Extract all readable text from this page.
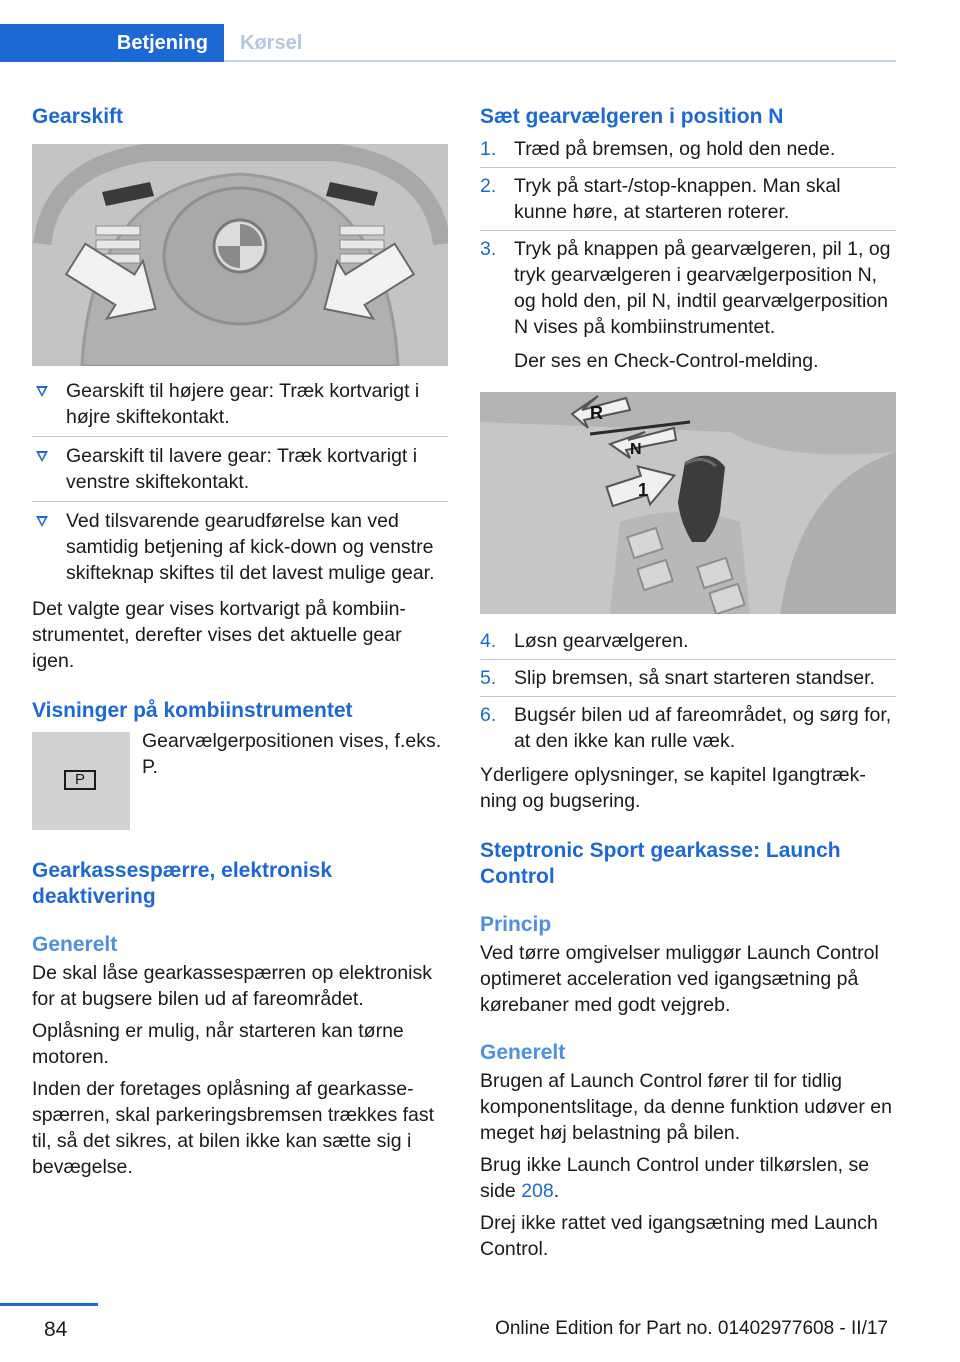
Betjening	Kørsel
Gearskift
Gearskift til højere gear: Træk kortvarigt i højre skiftekontakt.
Gearskift til lavere gear: Træk kortvarigt i venstre skiftekontakt.
Ved tilsvarende gearudførelse kan ved samtidig betjening af kick-down og venstre skifteknap skiftes til det lavest mulige gear.

Det valgte gear vises kortvarigt på kombiinstrumentet, derefter vises det aktuelle gear igen.

Visninger på kombiinstrumentet
P

Gearvælgerpositionen vises, f.eks. P.

Gearkassespærre, elektronisk deaktivering
Generelt

De skal låse gearkassespærren op elektronisk for at bugsere bilen ud af fareområdet.

Oplåsning er mulig, når starteren kan tørne motoren.

Inden der foretages oplåsning af gearkassespærren, skal parkeringsbremsen trækkes fast til, så det sikres, at bilen ikke kan sætte sig i bevægelse.

Sæt gearvælgeren i position N
1. Træd på bremsen, og hold den nede.
2. Tryk på start-/stop-knappen. Man skal kunne høre, at starteren roterer.
3. Tryk på knappen på gearvælgeren, pil 1, og tryk gearvælgeren i gearvælgerposition N, og hold den, pil N, indtil gearvælgerposition N vises på kombiinstrumentet.
Der ses en Check-Control-melding.
R
N
1
4. Løsn gearvælgeren.
5. Slip bremsen, så snart starteren standser.
6. Bugsér bilen ud af fareområdet, og sørg for, at den ikke kan rulle væk.

Yderligere oplysninger, se kapitel Igangtrækning og bugsering.

Steptronic Sport gearkasse: Launch Control
Princip

Ved tørre omgivelser muliggør Launch Control optimeret acceleration ved igangsætning på kørebaner med godt vejgreb.

Generelt

Brugen af Launch Control fører til for tidlig komponentslitage, da denne funktion udøver en meget høj belastning på bilen.

Brug ikke Launch Control under tilkørslen, se side 208.

Drej ikke rattet ved igangsætning med Launch Control.

84	Online Edition for Part no. 01402977608 - II/17
